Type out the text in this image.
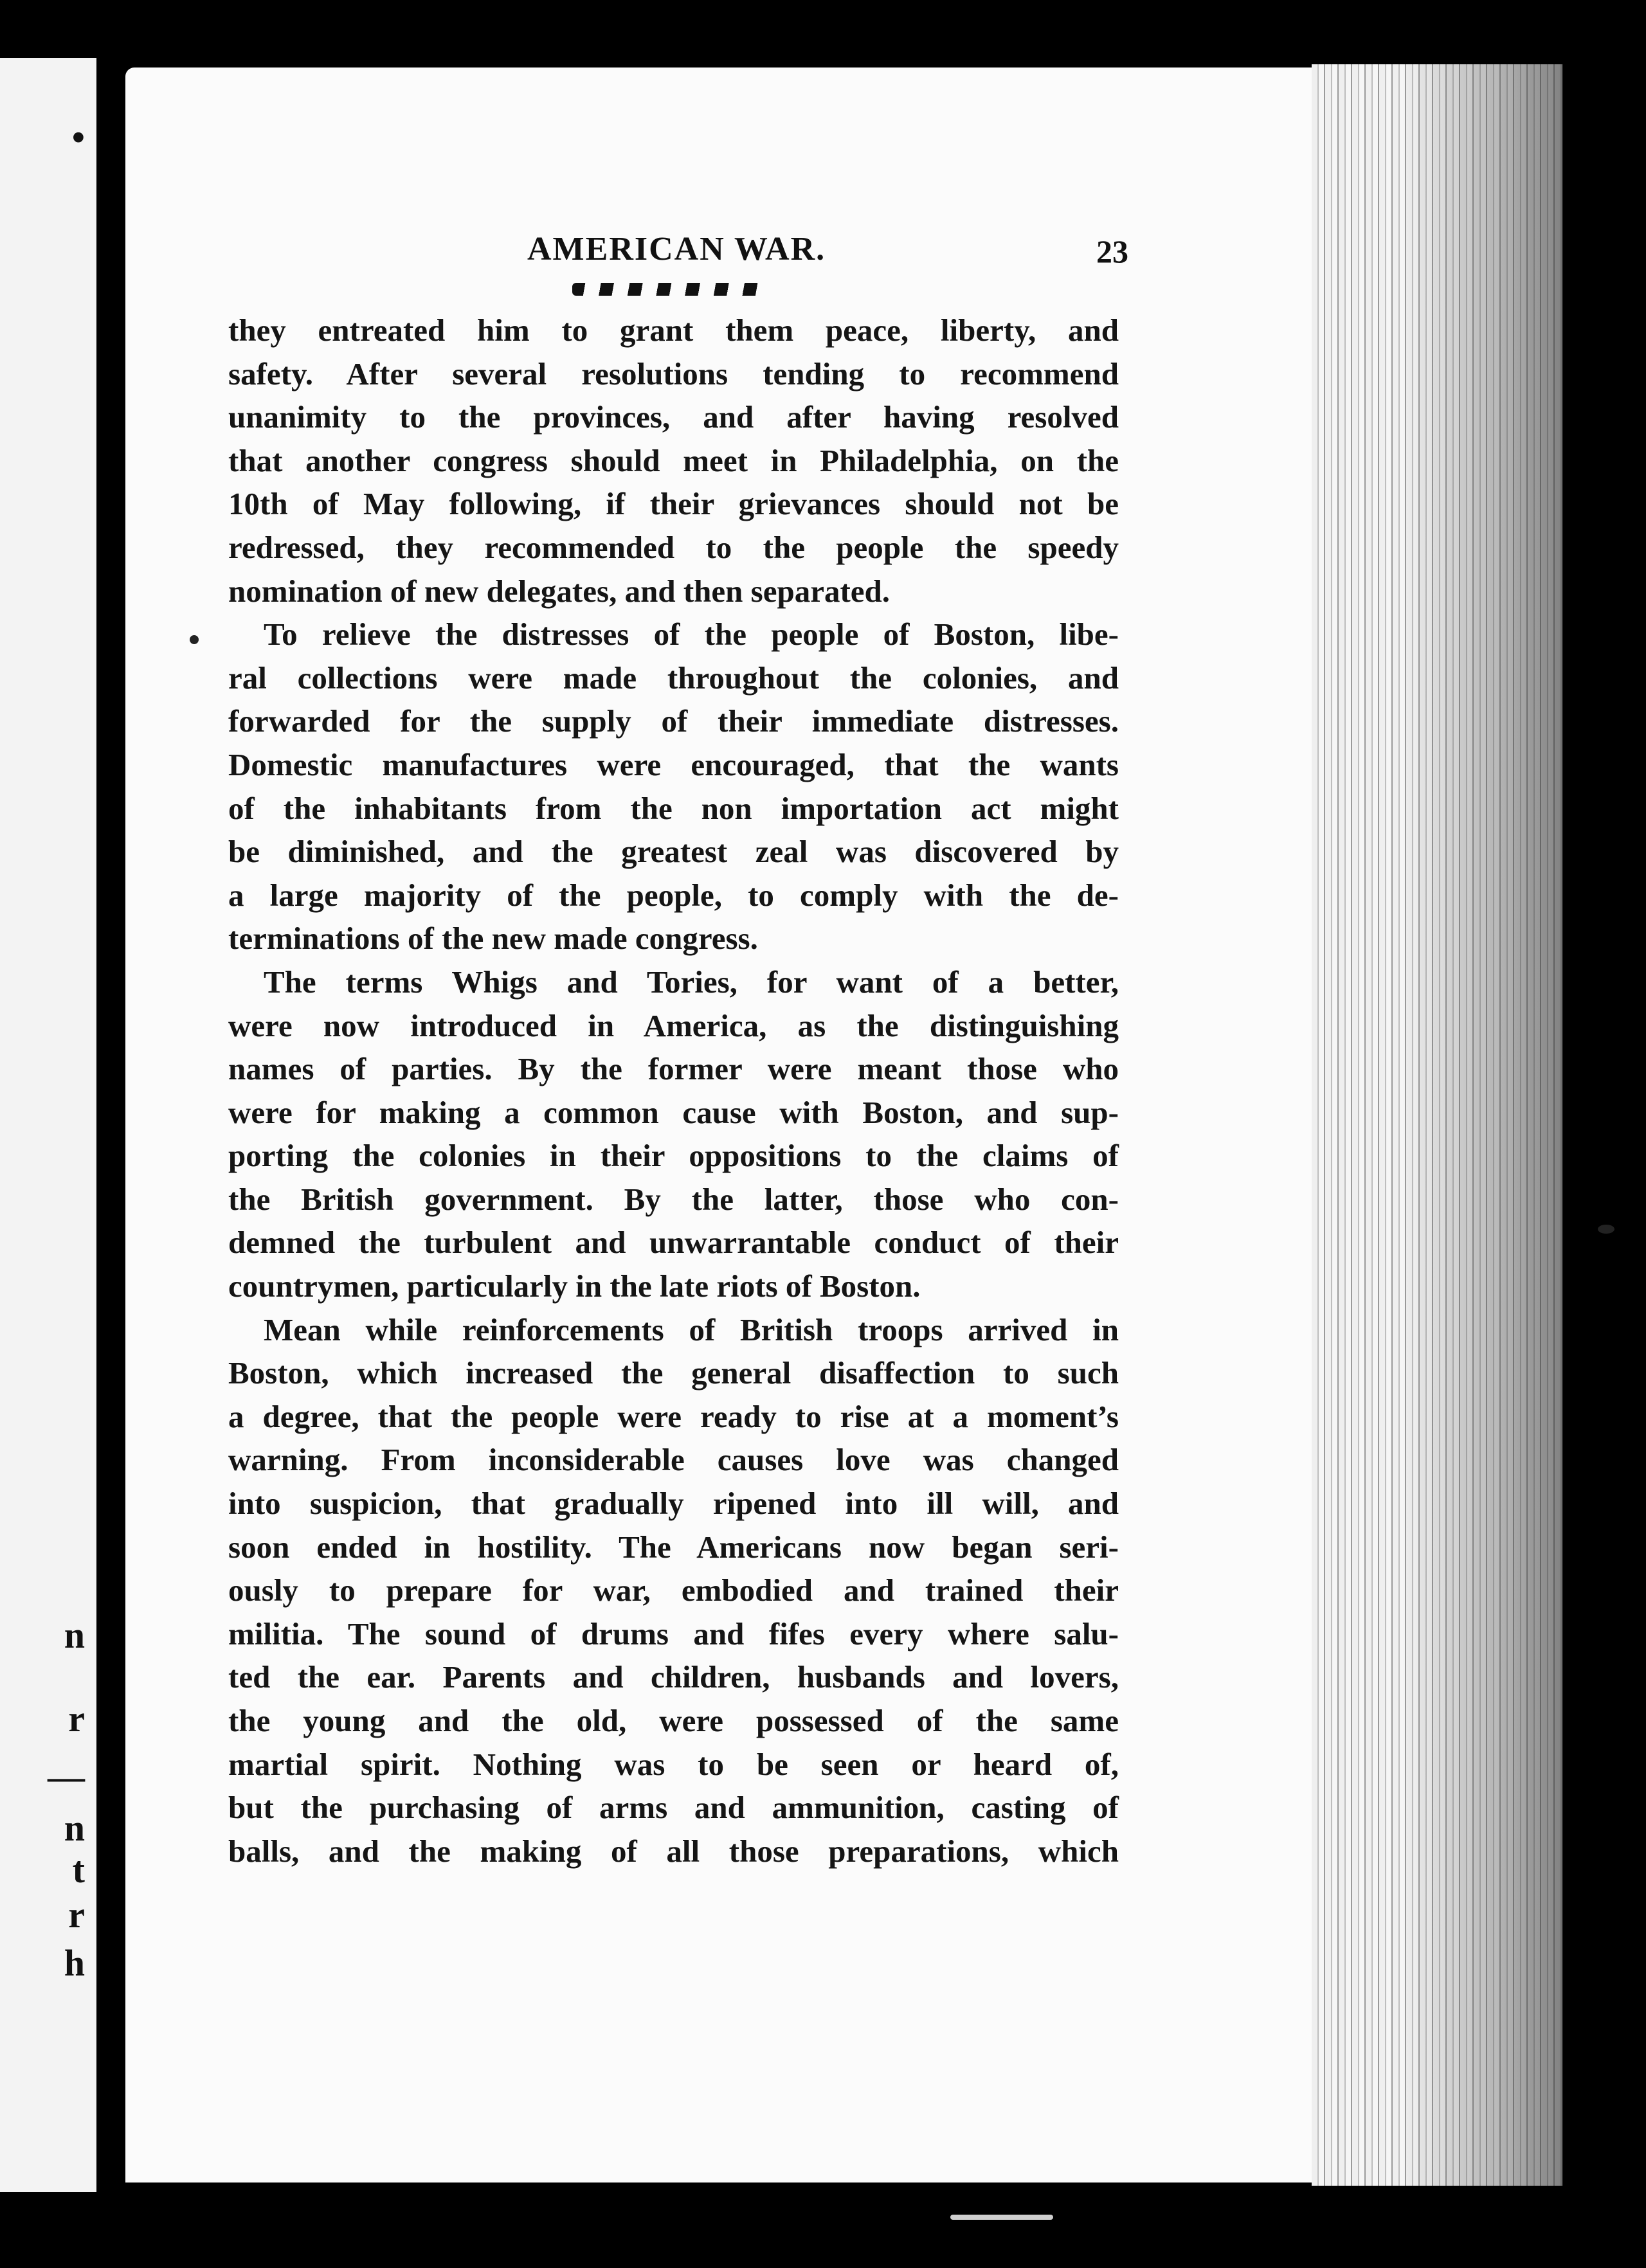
•
n
r
—
n
t
r
h
AMERICAN WAR.	23
they entreated him to grant them peace, liberty, and
safety. After several resolutions tending to recommend
unanimity to the provinces, and after having resolved
that another congress should meet in Philadelphia, on the
10th of May following, if their grievances should not be
redressed, they recommended to the people the speedy
nomination of new delegates, and then separated.
To relieve the distresses of the people of Boston, libe-
ral collections were made throughout the colonies, and
forwarded for the supply of their immediate distresses.
Domestic manufactures were encouraged, that the wants
of the inhabitants from the non importation act might
be diminished, and the greatest zeal was discovered by
a large majority of the people, to comply with the de-
terminations of the new made congress.
The terms Whigs and Tories, for want of a better,
were now introduced in America, as the distinguishing
names of parties. By the former were meant those who
were for making a common cause with Boston, and sup-
porting the colonies in their oppositions to the claims of
the British government. By the latter, those who con-
demned the turbulent and unwarrantable conduct of their
countrymen, particularly in the late riots of Boston.
Mean while reinforcements of British troops arrived in
Boston, which increased the general disaffection to such
a degree, that the people were ready to rise at a moment’s
warning. From inconsiderable causes love was changed
into suspicion, that gradually ripened into ill will, and
soon ended in hostility. The Americans now began seri-
ously to prepare for war, embodied and trained their
militia. The sound of drums and fifes every where salu-
ted the ear. Parents and children, husbands and lovers,
the young and the old, were possessed of the same
martial spirit. Nothing was to be seen or heard of,
but the purchasing of arms and ammunition, casting of
balls, and the making of all those preparations, which
